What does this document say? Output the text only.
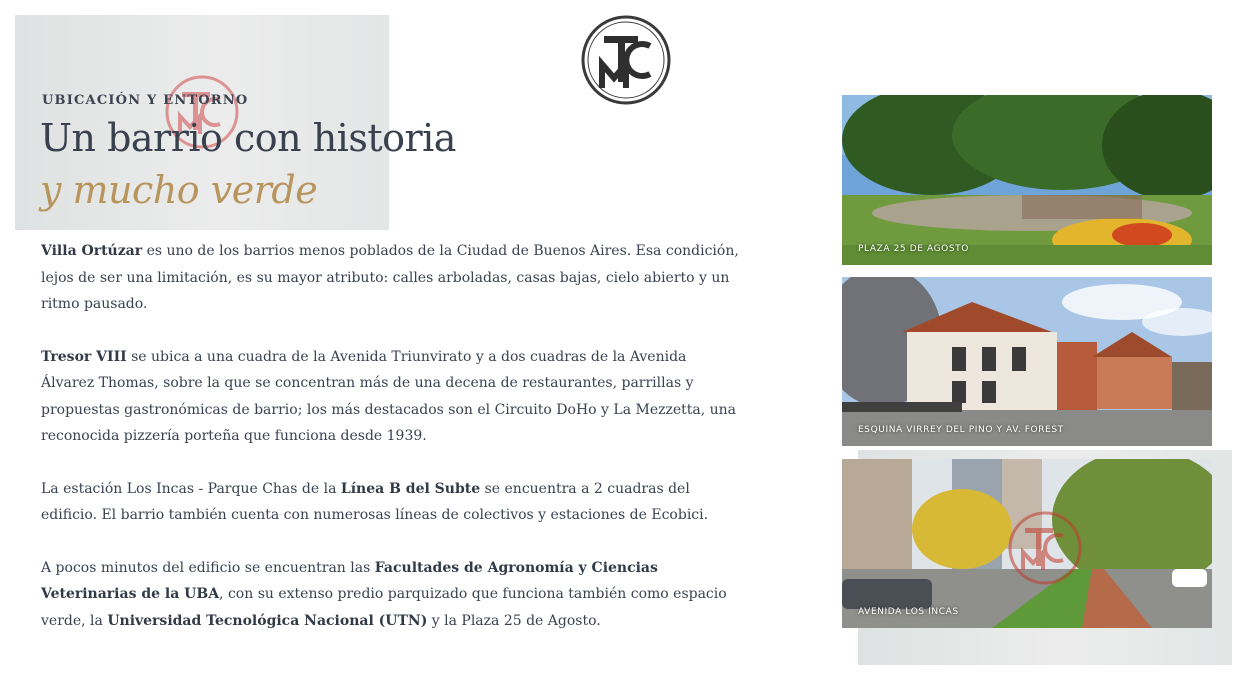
UBICACIÓN Y ENTORNO
Un barrio con historia
y mucho verde

Villa Ortúzar es uno de los barrios menos poblados de la Ciudad de Buenos Aires. Esa condición, lejos de ser una limitación, es su mayor atributo: calles arboladas, casas bajas, cielo abierto y un ritmo pausado.

Tresor VIII se ubica a una cuadra de la Avenida Triunvirato y a dos cuadras de la Avenida Álvarez Thomas, sobre la que se concentran más de una decena de restaurantes, parrillas y propuestas gastronómicas de barrio; los más destacados son el Circuito DoHo y La Mezzetta, una reconocida pizzería porteña que funciona desde 1939.

La estación Los Incas - Parque Chas de la Línea B del Subte se encuentra a 2 cuadras del edificio. El barrio también cuenta con numerosas líneas de colectivos y estaciones de Ecobici.

A pocos minutos del edificio se encuentran las Facultades de Agronomía y Ciencias Veterinarias de la UBA, con su extenso predio parquizado que funciona también como espacio verde, la Universidad Tecnológica Nacional (UTN) y la Plaza 25 de Agosto.

PLAZA 25 DE AGOSTO
ESQUINA VIRREY DEL PINO Y AV. FOREST
AVENIDA LOS INCAS
